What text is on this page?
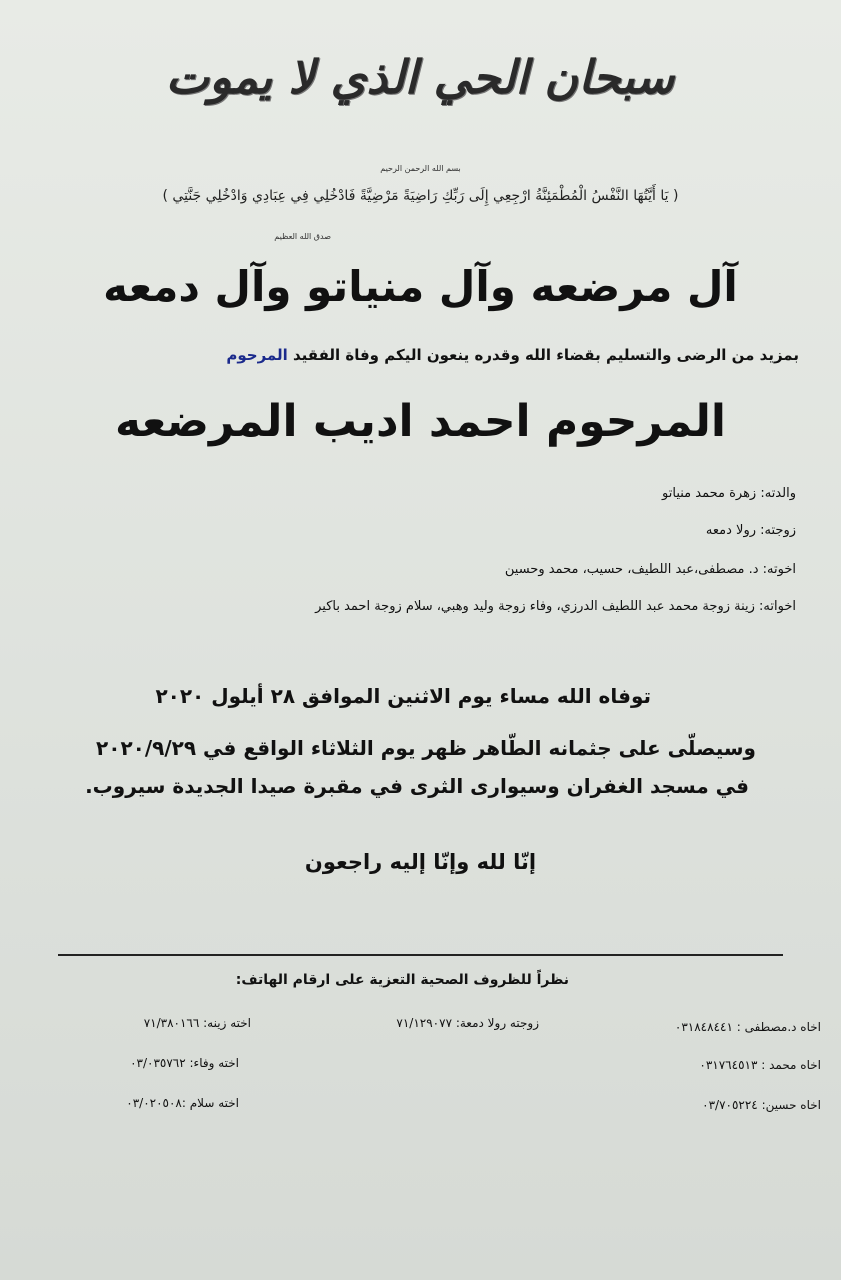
سبحان الحي الذي لا يموت
بسم الله الرحمن الرحيم
( يَا أَيَّتُهَا النَّفْسُ الْمُطْمَئِنَّةُ ارْجِعِي إِلَى رَبِّكِ رَاضِيَةً مَرْضِيَّةً فَادْخُلِي فِي عِبَادِي وَادْخُلِي جَنَّتِي )
صدق الله العظيم
آل مرضعه وآل منياتو وآل دمعه
بمزيد من الرضى والتسليم بقضاء الله وقدره ينعون اليكم وفاة الفقيد المرحوم
المرحوم احمد اديب المرضعه
والدته: زهرة محمد منياتو
زوجته: رولا دمعه
اخوته: د. مصطفى،عبد اللطيف، حسيب، محمد وحسين
اخواته: زينة زوجة محمد عبد اللطيف الدرزي، وفاء زوجة وليد وهبي، سلام زوجة احمد باكير
توفاه الله مساء يوم الاثنين الموافق ٢٨ أيلول ٢٠٢٠
وسيصلّى على جثمانه الطّاهر ظهر يوم الثلاثاء الواقع في ٢٠٢٠/٩/٢٩
في مسجد الغفران وسيوارى الثرى في مقبرة صيدا الجديدة سيروب.
إنّا لله وإنّا إليه راجعون
نظراً للظروف الصحية التعزية على ارقام الهاتف:
اخاه د.مصطفى : ٠٣١٨٤٨٤٤١
اخاه محمد : ٠٣١٧٦٤٥١٣
اخاه حسين: ٠٣/٧٠٥٢٢٤
زوجته رولا دمعة: ٧١/١٢٩٠٧٧
اخته زينه: ٧١/٣٨٠١٦٦
اخته وفاء: ٠٣/٠٣٥٧٦٢
اخته سلام :٠٣/٠٢٠٥٠٨
